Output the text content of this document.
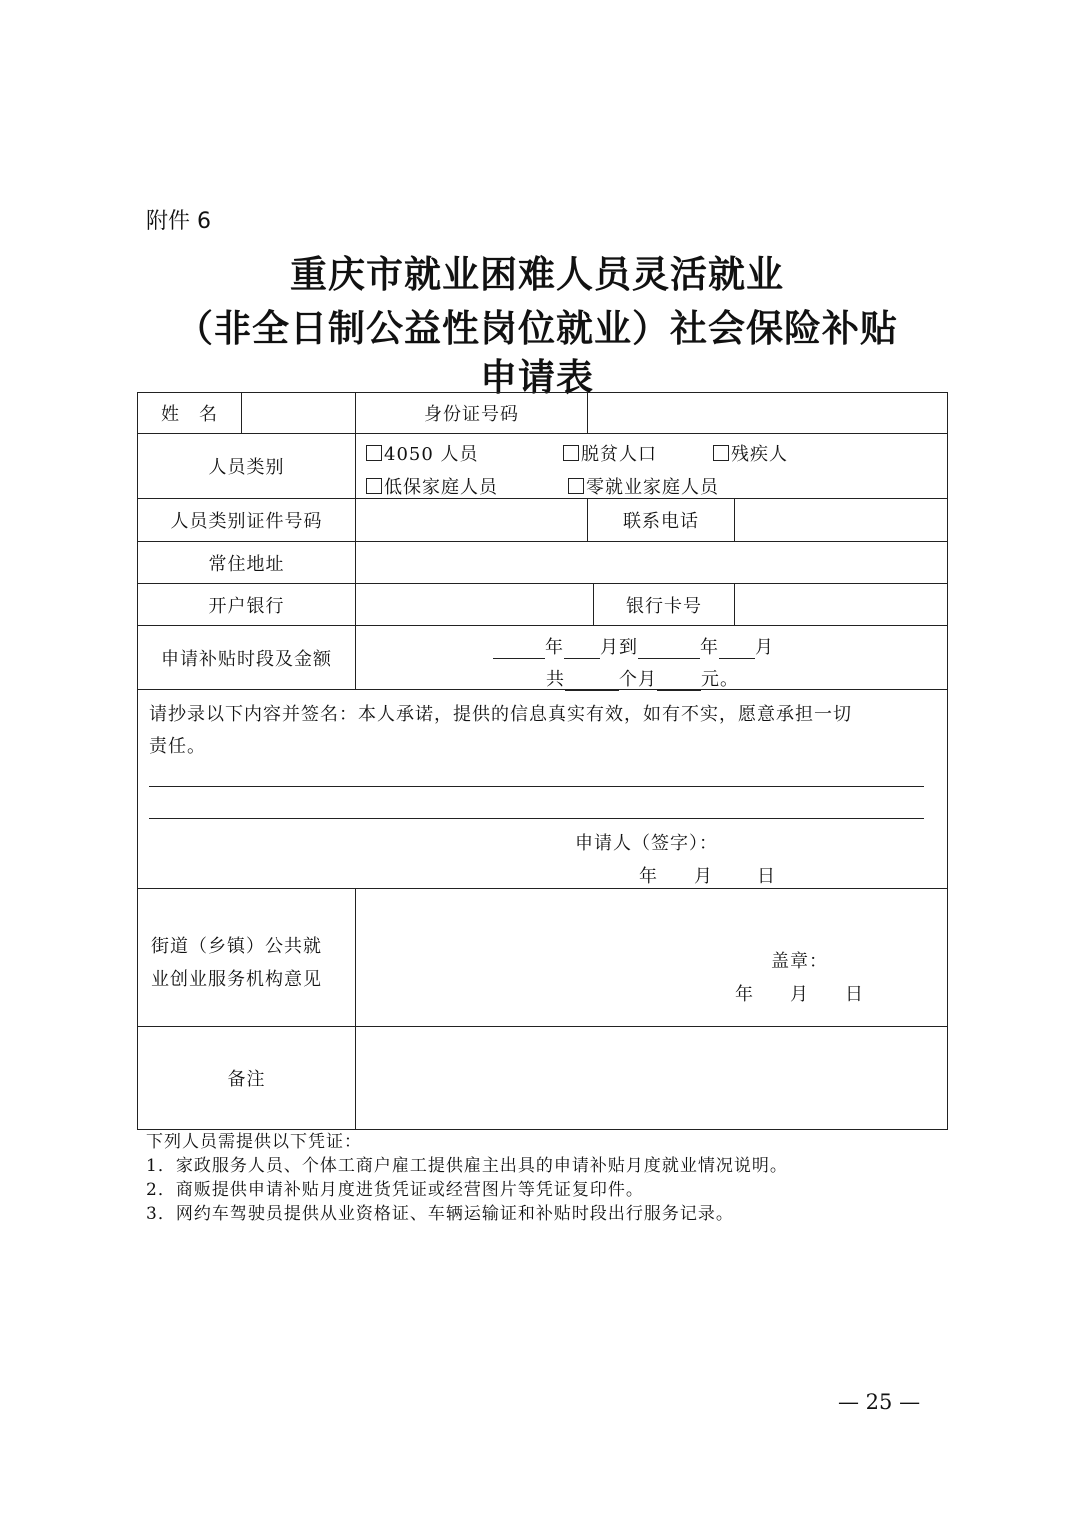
附件 6
重庆市就业困难人员灵活就业
（非全日制公益性岗位就业）社会保险补贴
申请表
姓　名	身份证号码
人员类别
4050 人员	脱贫人口	残疾人
低保家庭人员	零就业家庭人员
人员类别证件号码	联系电话
常住地址
开户银行	银行卡号
申请补贴时段及金额
年 月到	年 月
共	个月 元。
请抄录以下内容并签名：本人承诺，提供的信息真实有效，如有不实，愿意承担一切
责任。
申请人（签字）：
年 月 日
街道（乡镇）公共就
业创业服务机构意见
盖章：
年 月 日
备注
下列人员需提供以下凭证：
1．家政服务人员、个体工商户雇工提供雇主出具的申请补贴月度就业情况说明。
2．商贩提供申请补贴月度进货凭证或经营图片等凭证复印件。
3．网约车驾驶员提供从业资格证、车辆运输证和补贴时段出行服务记录。
— 25 —
